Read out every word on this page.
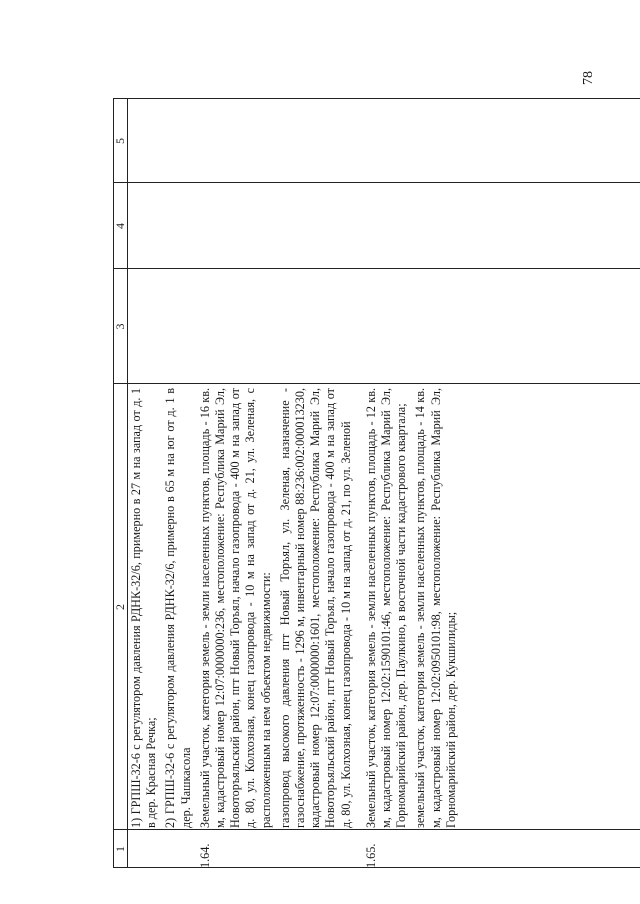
78
1
2
3
4
5

1) ГРПШ-32-6 с регулятором давления РДНК-32/6, примерно в 27 м на запад от д. 1 в дер. Красная Речка; 2) ГРПШ-32-6 с регулятором давления РДНК-32/6, примерно в 65 м на юг от д. 1 в дер. Чашкасола

1.64.

Земельный участок, категория земель - земли населенных пунктов, площадь - 16 кв. м, кадастровый номер 12:07:0000000:236, местоположение: Республика Марий Эл, Новоторъяльский район, пгт Новый Торъял, начало газопровода - 400 м на запад от д. 80, ул. Колхозная, конец газопровода - 10 м на запад от д. 21, ул. Зеленая, с расположенным на нем объектом недвижимости: газопровод высокого давления пгт Новый Торъял, ул. Зеленая, назначение - газоснабжение, протяженность - 1296 м, инвентарный номер 88:236:002:000013230, кадастровый номер 12:07:0000000:1601, местоположение: Республика Марий Эл, Новоторъяльский район, пгт Новый Торъял, начало газопровода - 400 м на запад от д. 80, ул. Колхозная, конец газопровода - 10 м на запад от д. 21, по ул. Зеленой

1.65.

Земельный участок, категория земель - земли населенных пунктов, площадь - 12 кв. м, кадастровый номер 12:02:1590101:46, местоположение: Республика Марий Эл, Горномарийский район, дер. Паулкино, в восточной части кадастрового квартала; земельный участок, категория земель - земли населенных пунктов, площадь - 14 кв. м, кадастровый номер 12:02:0950101:98, местоположение: Республика Марий Эл, Горномарийский район, дер. Кукшилиды;
